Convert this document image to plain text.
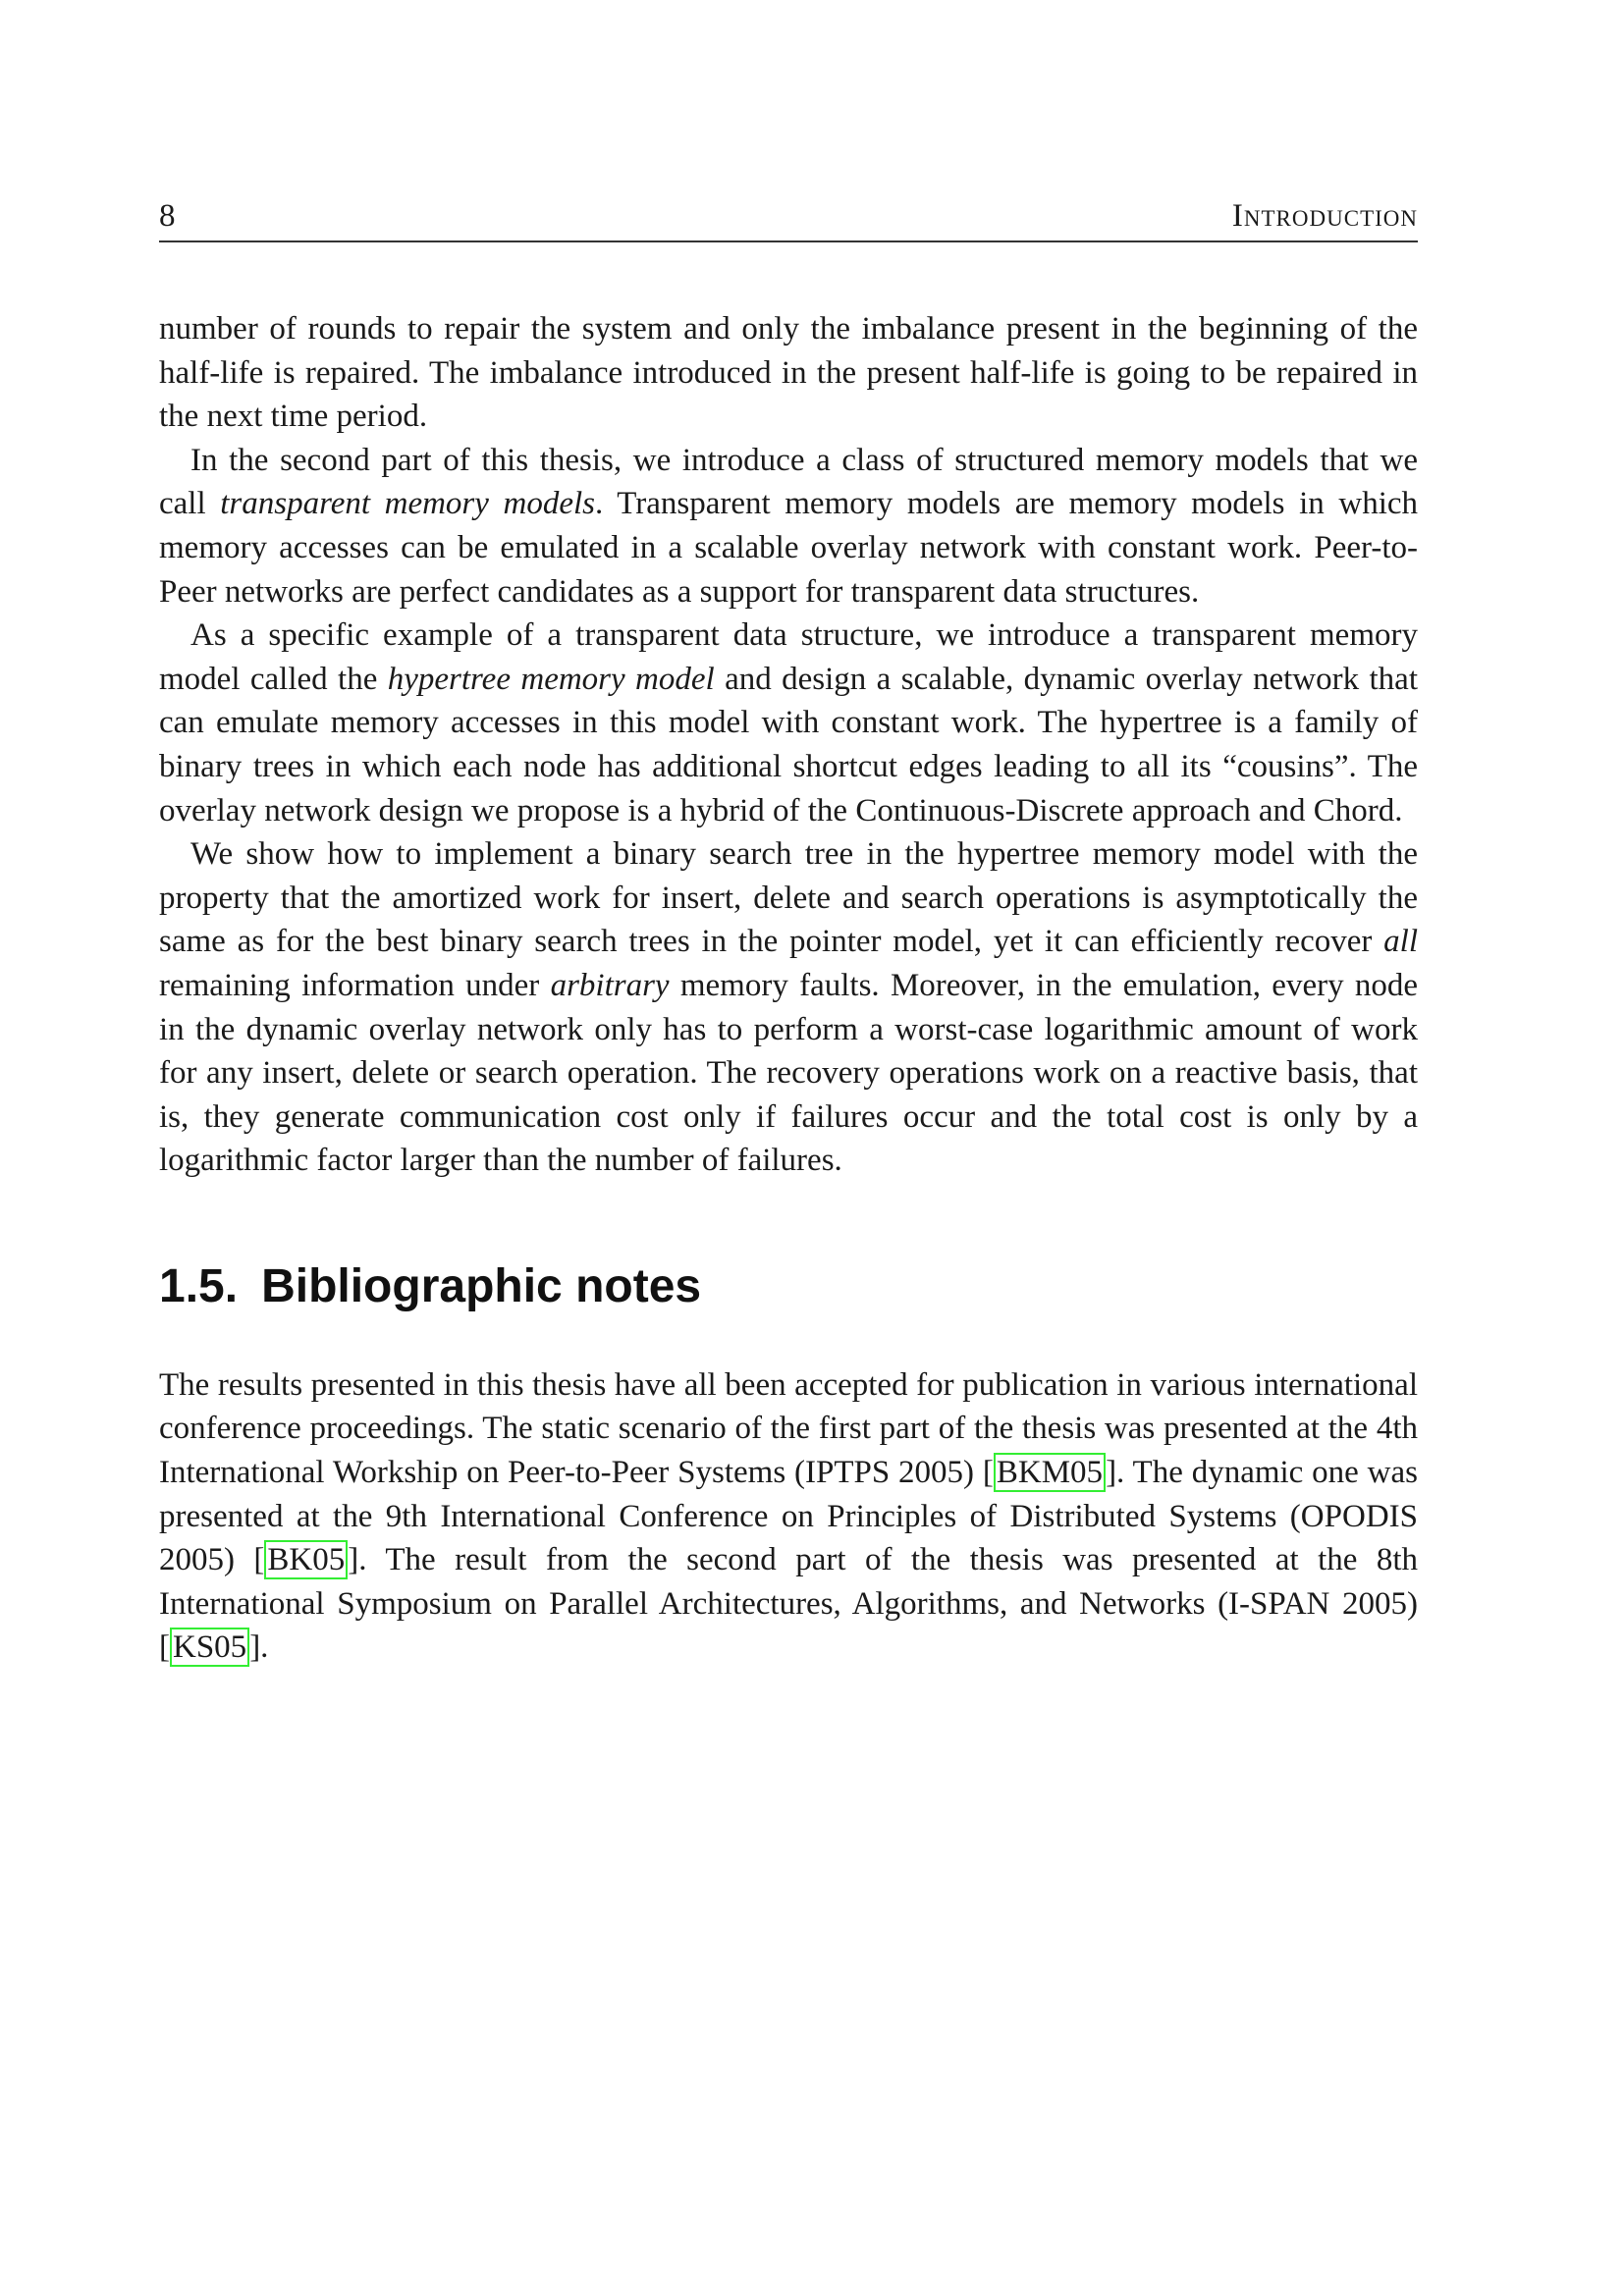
8	Introduction

number of rounds to repair the system and only the imbalance present in the beginning of the half-life is repaired. The imbalance introduced in the present half-life is going to be repaired in the next time period.

In the second part of this thesis, we introduce a class of structured memory models that we call transparent memory models. Transparent memory models are memory models in which memory accesses can be emulated in a scalable overlay network with constant work. Peer-to-Peer networks are perfect candidates as a support for transparent data structures.

As a specific example of a transparent data structure, we introduce a transparent memory model called the hypertree memory model and design a scalable, dynamic overlay network that can emulate memory accesses in this model with constant work. The hypertree is a family of binary trees in which each node has additional shortcut edges leading to all its “cousins”. The overlay network design we propose is a hybrid of the Continuous-Discrete approach and Chord.

We show how to implement a binary search tree in the hypertree memory model with the property that the amortized work for insert, delete and search operations is asymptotically the same as for the best binary search trees in the pointer model, yet it can efficiently recover all remaining information under arbitrary memory faults. Moreover, in the emulation, every node in the dynamic overlay network only has to perform a worst-case logarithmic amount of work for any insert, delete or search operation. The recovery operations work on a reactive basis, that is, they generate communication cost only if failures occur and the total cost is only by a logarithmic factor larger than the number of failures.

1.5. Bibliographic notes

The results presented in this thesis have all been accepted for publication in various international conference proceedings. The static scenario of the first part of the thesis was presented at the 4th International Workship on Peer-to-Peer Systems (IPTPS 2005) [BKM05]. The dynamic one was presented at the 9th International Conference on Principles of Distributed Systems (OPODIS 2005) [BK05]. The result from the second part of the thesis was presented at the 8th International Symposium on Parallel Architectures, Algorithms, and Networks (I-SPAN 2005) [KS05].
